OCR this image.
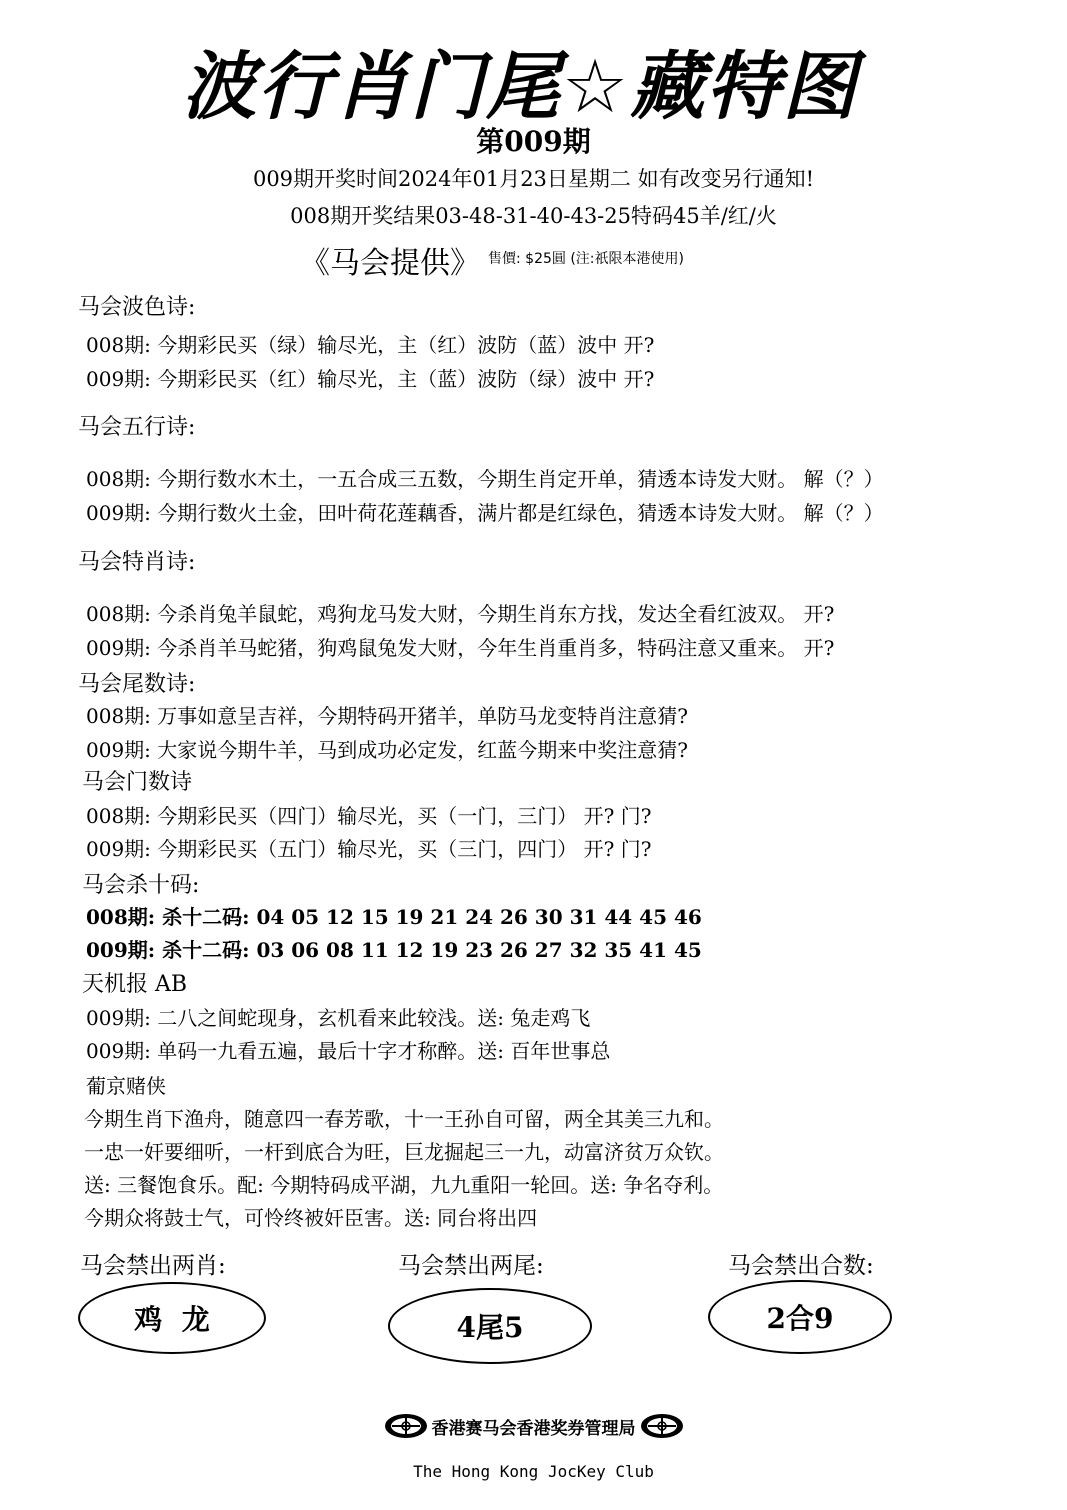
波行肖门尾☆藏特图
第009期
009期开奖时间2024年01月23日星期二 如有改变另行通知!
008期开奖结果03-48-31-40-43-25特码45羊/红/火
《马会提供》 售價: $25圓 (注:祇限本港使用)
马会波色诗:
008期: 今期彩民买（绿）输尽光，主（红）波防（蓝）波中 开?
009期: 今期彩民买（红）输尽光，主（蓝）波防（绿）波中 开?
马会五行诗:
008期: 今期行数水木土，一五合成三五数，今期生肖定开单，猜透本诗发大财。 解（？）
009期: 今期行数火土金，田叶荷花莲藕香，满片都是红绿色，猜透本诗发大财。 解（？）
马会特肖诗:
008期: 今杀肖兔羊鼠蛇，鸡狗龙马发大财，今期生肖东方找，发达全看红波双。 开?
009期: 今杀肖羊马蛇猪，狗鸡鼠兔发大财，今年生肖重肖多，特码注意又重来。 开?
马会尾数诗:
008期: 万事如意呈吉祥，今期特码开猪羊，单防马龙变特肖注意猜?
009期: 大家说今期牛羊，马到成功必定发，红蓝今期来中奖注意猜?
马会门数诗
008期: 今期彩民买（四门）输尽光，买（一门，三门） 开? 门?
009期: 今期彩民买（五门）输尽光，买（三门，四门） 开? 门?
马会杀十码:
008期: 杀十二码: 04 05 12 15 19 21 24 26 30 31 44 45 46
009期: 杀十二码: 03 06 08 11 12 19 23 26 27 32 35 41 45
天机报 AB
009期: 二八之间蛇现身，玄机看来此较浅。送: 兔走鸡飞
009期: 单码一九看五遍，最后十字才称醉。送: 百年世事总
葡京赌侠
今期生肖下渔舟，随意四一春芳歌，十一王孙自可留，两全其美三九和。
一忠一奸要细听，一杆到底合为旺，巨龙掘起三一九，动富济贫万众钦。
送: 三餐饱食乐。配: 今期特码成平湖，九九重阳一轮回。送: 争名夺利。
今期众将鼓士气，可怜终被奸臣害。送: 同台将出四
马会禁出两肖:	马会禁出两尾:	马会禁出合数:
鸡  龙	4尾5	2合9
香港赛马会香港奖券管理局
The Hong Kong JocKey Club
